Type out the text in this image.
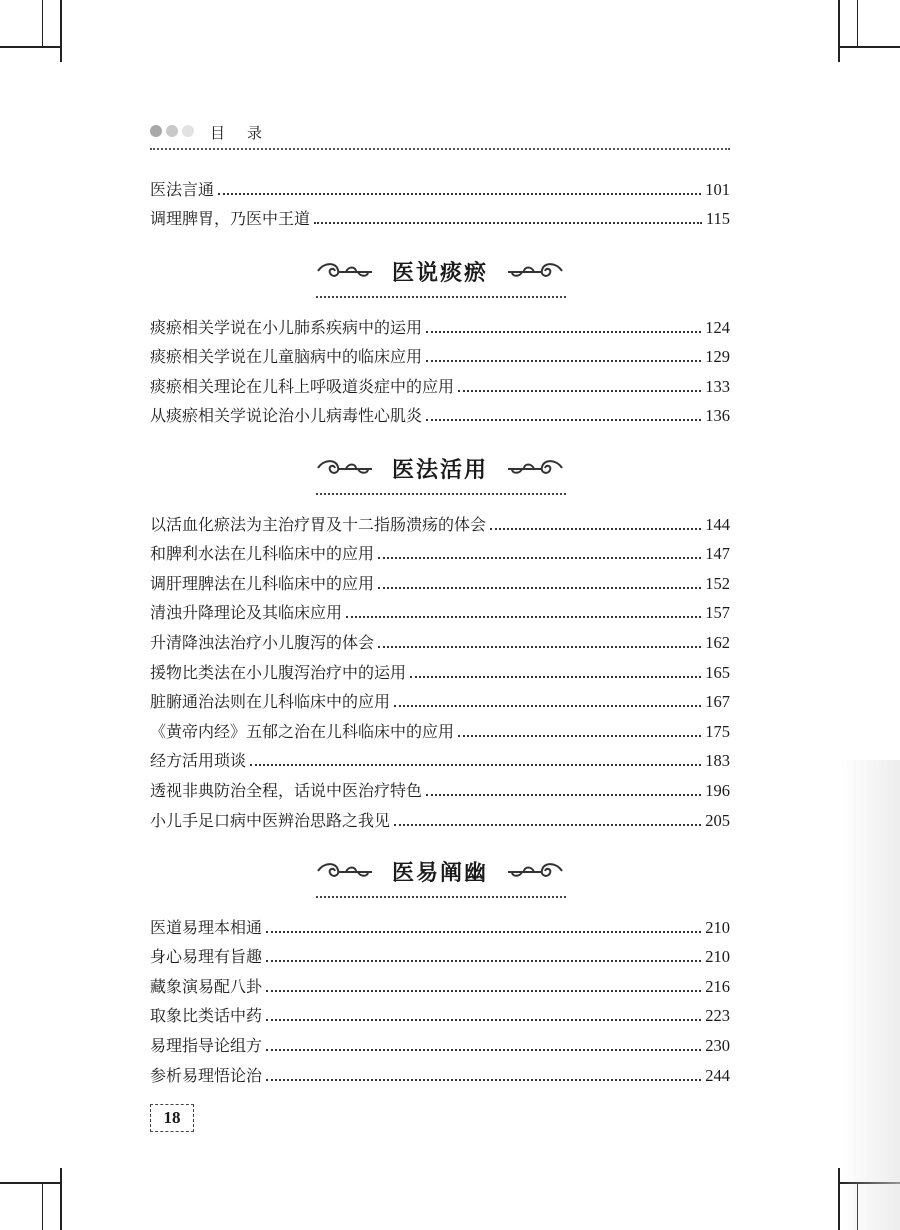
目录
医法言通	101
调理脾胃，乃医中王道	115
医说痰瘀
痰瘀相关学说在小儿肺系疾病中的运用	124
痰瘀相关学说在儿童脑病中的临床应用	129
痰瘀相关理论在儿科上呼吸道炎症中的应用	133
从痰瘀相关学说论治小儿病毒性心肌炎	136
医法活用
以活血化瘀法为主治疗胃及十二指肠溃疡的体会	144
和脾利水法在儿科临床中的应用	147
调肝理脾法在儿科临床中的应用	152
清浊升降理论及其临床应用	157
升清降浊法治疗小儿腹泻的体会	162
援物比类法在小儿腹泻治疗中的运用	165
脏腑通治法则在儿科临床中的应用	167
《黄帝内经》五郁之治在儿科临床中的应用	175
经方活用琐谈	183
透视非典防治全程，话说中医治疗特色	196
小儿手足口病中医辨治思路之我见	205
医易阐幽
医道易理本相通	210
身心易理有旨趣	210
藏象演易配八卦	216
取象比类话中药	223
易理指导论组方	230
参析易理悟论治	244
18
